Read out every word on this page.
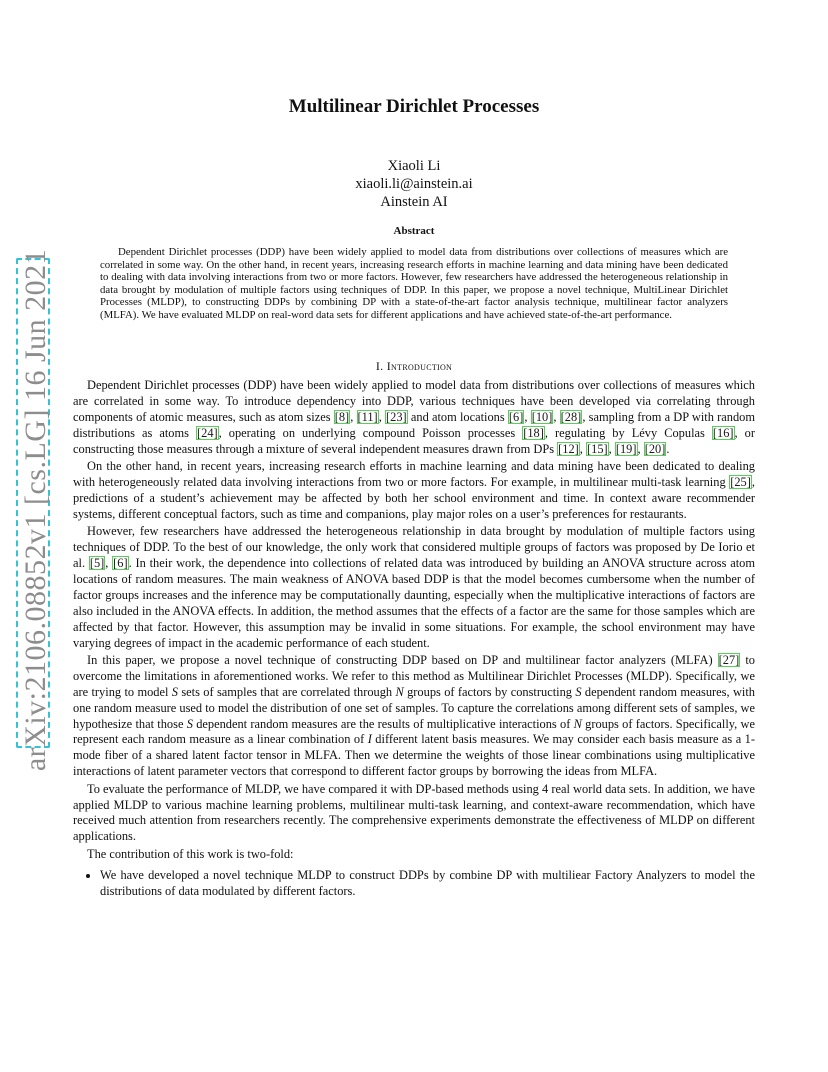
arXiv:2106.08852v1 [cs.LG] 16 Jun 2021
Multilinear Dirichlet Processes
Xiaoli Li
xiaoli.li@ainstein.ai
Ainstein AI
Abstract

Dependent Dirichlet processes (DDP) have been widely applied to model data from distributions over collections of measures which are correlated in some way. On the other hand, in recent years, increasing research efforts in machine learning and data mining have been dedicated to dealing with data involving interactions from two or more factors. However, few researchers have addressed the heterogeneous relationship in data brought by modulation of multiple factors using techniques of DDP. In this paper, we propose a novel technique, MultiLinear Dirichlet Processes (MLDP), to constructing DDPs by combining DP with a state-of-the-art factor analysis technique, multilinear factor analyzers (MLFA). We have evaluated MLDP on real-word data sets for different applications and have achieved state-of-the-art performance.

I. Introduction

Dependent Dirichlet processes (DDP) have been widely applied to model data from distributions over collections of measures which are correlated in some way. To introduce dependency into DDP, various techniques have been developed via correlating through components of atomic measures, such as atom sizes [8], [11], [23] and atom locations [6], [10], [28], sampling from a DP with random distributions as atoms [24], operating on underlying compound Poisson processes [18], regulating by Lévy Copulas [16], or constructing those measures through a mixture of several independent measures drawn from DPs [12], [15], [19], [20].

On the other hand, in recent years, increasing research efforts in machine learning and data mining have been dedicated to dealing with heterogeneously related data involving interactions from two or more factors. For example, in multilinear multi-task learning [25], predictions of a student’s achievement may be affected by both her school environment and time. In context aware recommender systems, different conceptual factors, such as time and companions, play major roles on a user’s preferences for restaurants.

However, few researchers have addressed the heterogeneous relationship in data brought by modulation of multiple factors using techniques of DDP. To the best of our knowledge, the only work that considered multiple groups of factors was proposed by De Iorio et al. [5], [6]. In their work, the dependence into collections of related data was introduced by building an ANOVA structure across atom locations of random measures. The main weakness of ANOVA based DDP is that the model becomes cumbersome when the number of factor groups increases and the inference may be computationally daunting, especially when the multiplicative interactions of factors are also included in the ANOVA effects. In addition, the method assumes that the effects of a factor are the same for those samples which are affected by that factor. However, this assumption may be invalid in some situations. For example, the school environment may have varying degrees of impact in the academic performance of each student.

In this paper, we propose a novel technique of constructing DDP based on DP and multilinear factor analyzers (MLFA) [27] to overcome the limitations in aforementioned works. We refer to this method as Multilinear Dirichlet Processes (MLDP). Specifically, we are trying to model S sets of samples that are correlated through N groups of factors by constructing S dependent random measures, with one random measure used to model the distribution of one set of samples. To capture the correlations among different sets of samples, we hypothesize that those S dependent random measures are the results of multiplicative interactions of N groups of factors. Specifically, we represent each random measure as a linear combination of I different latent basis measures. We may consider each basis measure as a 1-mode fiber of a shared latent factor tensor in MLFA. Then we determine the weights of those linear combinations using multiplicative interactions of latent parameter vectors that correspond to different factor groups by borrowing the ideas from MLFA.

To evaluate the performance of MLDP, we have compared it with DP-based methods using 4 real world data sets. In addition, we have applied MLDP to various machine learning problems, multilinear multi-task learning, and context-aware recommendation, which have received much attention from researchers recently. The comprehensive experiments demonstrate the effectiveness of MLDP on different applications.

The contribution of this work is two-fold:

• We have developed a novel technique MLDP to construct DDPs by combine DP with multiliear Factory Analyzers to model the distributions of data modulated by different factors.
